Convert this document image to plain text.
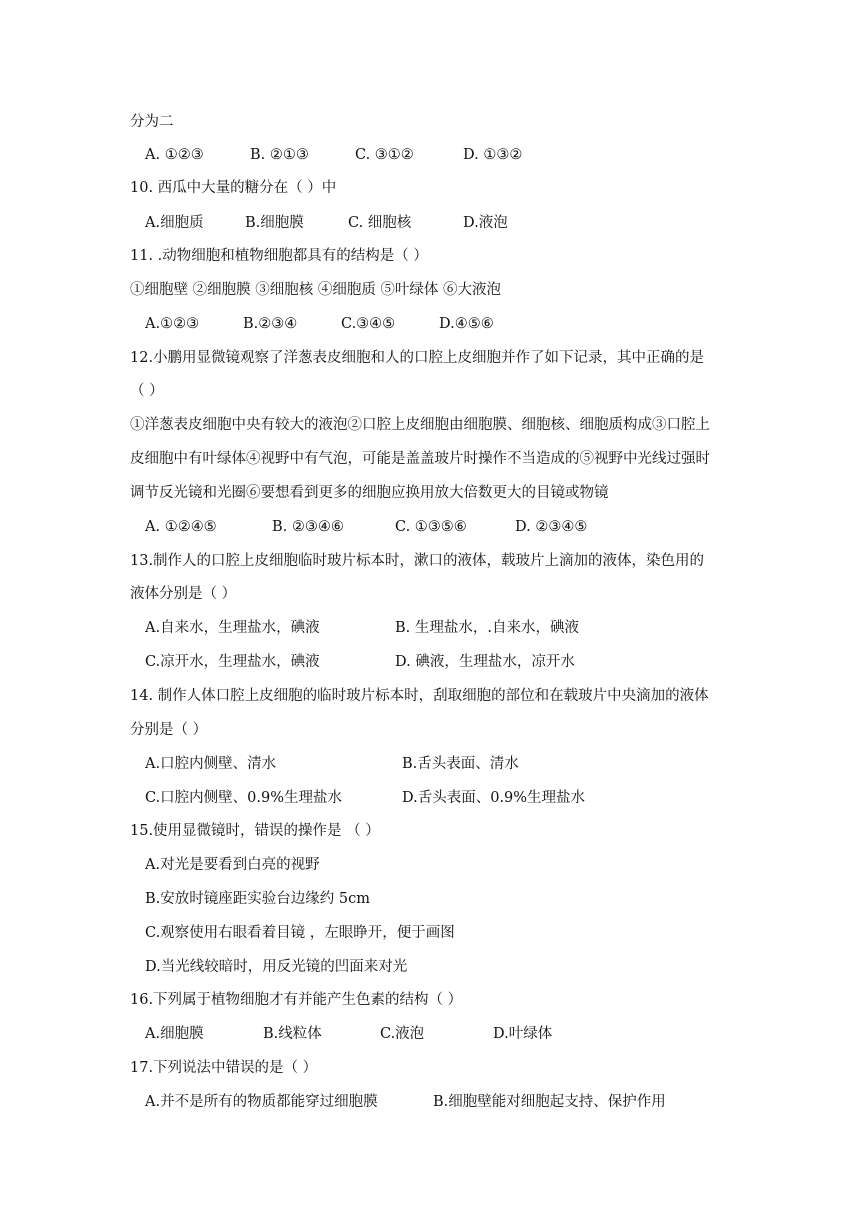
分为二
A. ①②③	B. ②①③	C. ③①②	D. ①③②
10. 西瓜中大量的糖分在（ ）中
A.细胞质	B.细胞膜	C. 细胞核	D.液泡
11. .动物细胞和植物细胞都具有的结构是（ ）
①细胞壁 ②细胞膜 ③细胞核 ④细胞质 ⑤叶绿体 ⑥大液泡
A.①②③	B.②③④	C.③④⑤	D.④⑤⑥
12.小鹏用显微镜观察了洋葱表皮细胞和人的口腔上皮细胞并作了如下记录，其中正确的是
（ ）
①洋葱表皮细胞中央有较大的液泡②口腔上皮细胞由细胞膜、细胞核、细胞质构成③口腔上
皮细胞中有叶绿体④视野中有气泡，可能是盖盖玻片时操作不当造成的⑤视野中光线过强时
调节反光镜和光圈⑥要想看到更多的细胞应换用放大倍数更大的目镜或物镜
A. ①②④⑤	B. ②③④⑥	C. ①③⑤⑥	D. ②③④⑤
13.制作人的口腔上皮细胞临时玻片标本时，漱口的液体，载玻片上滴加的液体，染色用的
液体分别是（ ）
A.自来水，生理盐水，碘液	B. 生理盐水，.自来水，碘液
C.凉开水，生理盐水，碘液	D. 碘液，生理盐水，凉开水
14. 制作人体口腔上皮细胞的临时玻片标本时，刮取细胞的部位和在载玻片中央滴加的液体
分别是（ ）
A.口腔内侧壁、清水	B.舌头表面、清水
C.口腔内侧壁、0.9%生理盐水	D.舌头表面、0.9%生理盐水
15.使用显微镜时，错误的操作是 （ ）
A.对光是要看到白亮的视野
B.安放时镜座距实验台边缘约 5cm
C.观察使用右眼看着目镜 ，左眼睁开，便于画图
D.当光线较暗时，用反光镜的凹面来对光
16.下列属于植物细胞才有并能产生色素的结构（ ）
A.细胞膜	B.线粒体	C.液泡	D.叶绿体
17.下列说法中错误的是（ ）
A.并不是所有的物质都能穿过细胞膜	B.细胞壁能对细胞起支持、保护作用
